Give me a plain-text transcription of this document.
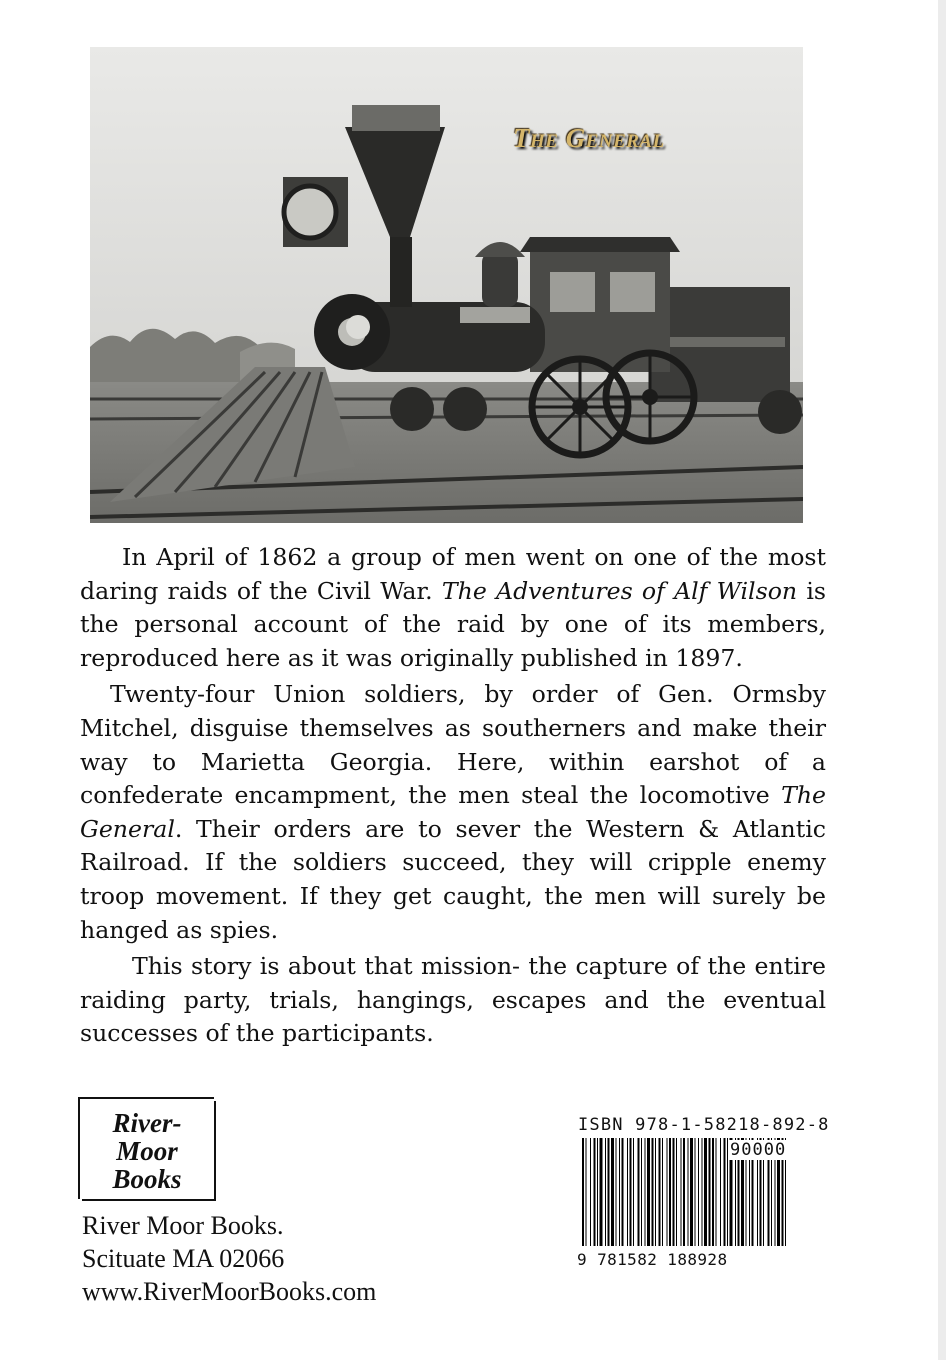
The General

In April of 1862 a group of men went on one of the most daring raids of the Civil War. The Adventures of Alf Wilson is the personal account of the raid by one of its members, reproduced here as it was originally published in 1897.

Twenty-four Union soldiers, by order of Gen. Ormsby Mitchel, disguise themselves as southerners and make their way to Marietta Georgia. Here, within earshot of a confederate encampment, the men steal the locomotive The General. Their orders are to sever the Western & Atlantic Railroad. If the soldiers succeed, they will cripple enemy troop movement. If they get caught, the men will surely be hanged as spies.

This story is about that mission- the capture of the entire raiding party, trials, hangings, escapes and the eventual successes of the participants.

River-
Moor
Books
River Moor Books.
Scituate MA 02066
www.RiverMoorBooks.com
ISBN 978-1-58218-892-8
90000
9 781582 188928
